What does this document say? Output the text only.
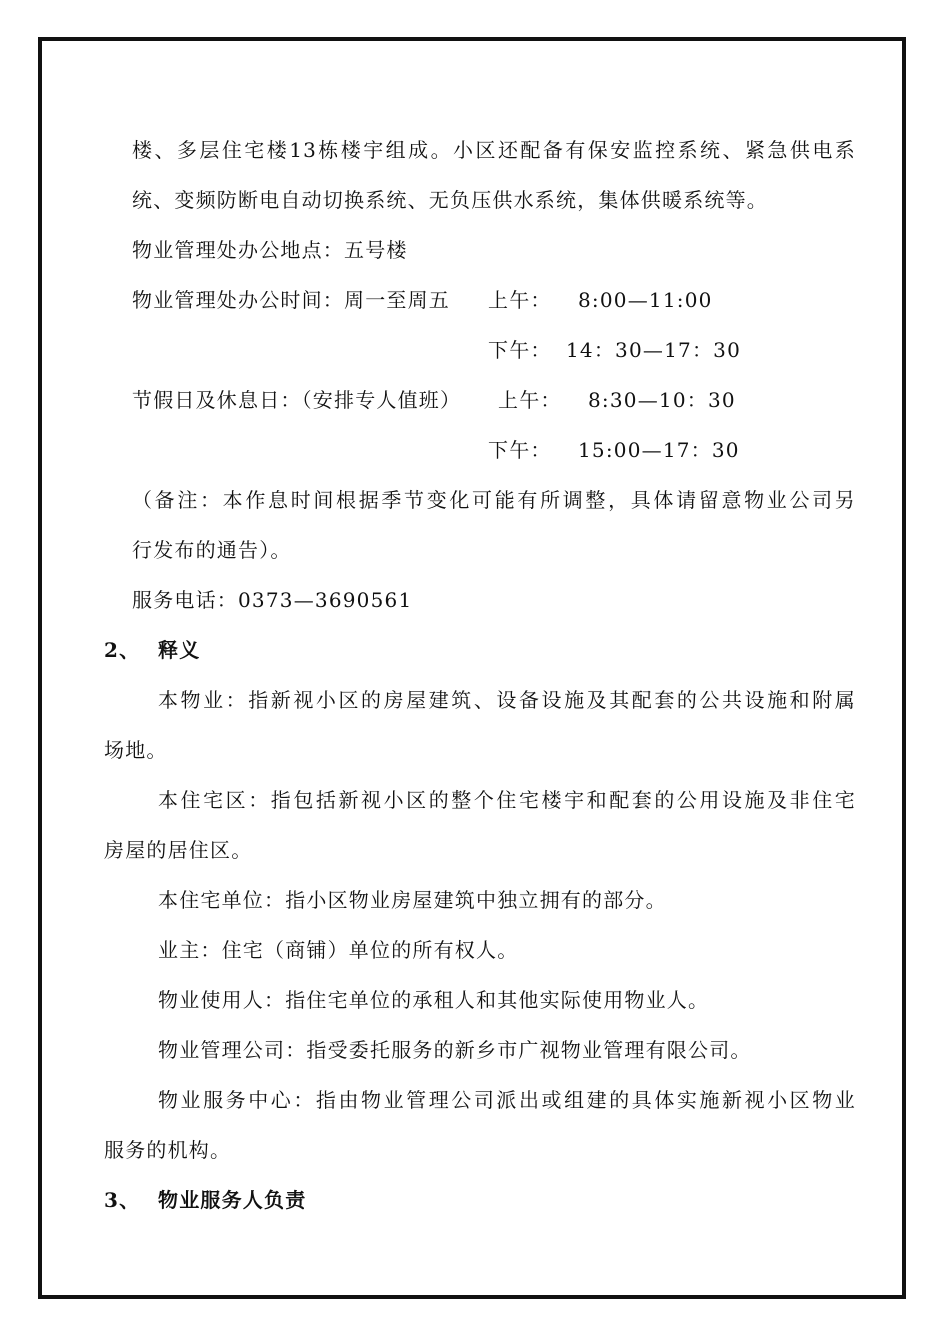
楼、多层住宅楼13栋楼宇组成。小区还配备有保安监控系统、紧急供电系
统、变频防断电自动切换系统、无负压供水系统，集体供暖系统等。
物业管理处办公地点：五号楼
物业管理处办公时间：周一至周五 上午： 8:00—11:00
下午： 14：30—17：30
节假日及休息日：（安排专人值班） 上午： 8:30—10：30
下午： 15:00—17：30
（备注：本作息时间根据季节变化可能有所调整，具体请留意物业公司另
行发布的通告）。
服务电话：0373—3690561
2、 释义
本物业：指新视小区的房屋建筑、设备设施及其配套的公共设施和附属
场地。
本住宅区：指包括新视小区的整个住宅楼宇和配套的公用设施及非住宅
房屋的居住区。
本住宅单位：指小区物业房屋建筑中独立拥有的部分。
业主：住宅（商铺）单位的所有权人。
物业使用人：指住宅单位的承租人和其他实际使用物业人。
物业管理公司：指受委托服务的新乡市广视物业管理有限公司。
物业服务中心：指由物业管理公司派出或组建的具体实施新视小区物业
服务的机构。
3、 物业服务人负责
